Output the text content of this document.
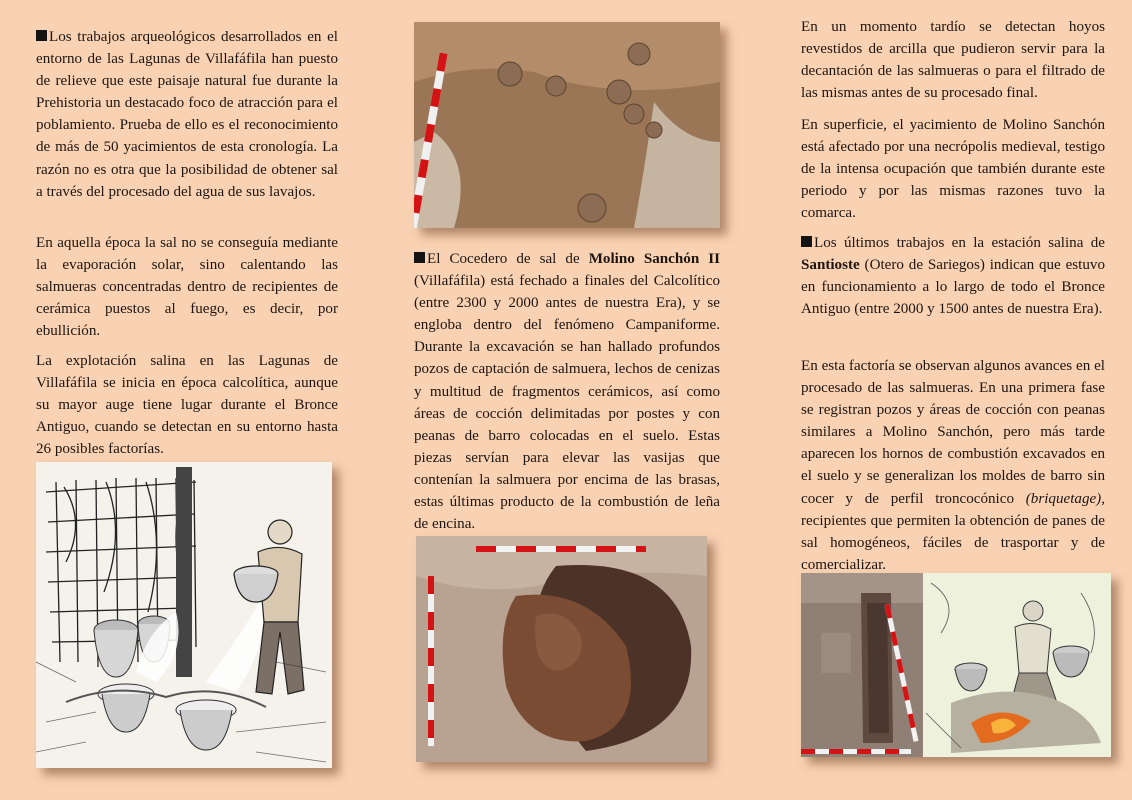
Los trabajos arqueológicos desarrollados en el entorno de las Lagunas de Villafáfila han puesto de relieve que este paisaje natural fue durante la Prehistoria un destacado foco de atracción para el poblamiento. Prueba de ello es el reconocimiento de más de 50 yacimientos de esta cronología. La razón no es otra que la posibilidad de obtener sal a través del procesado del agua de sus lavajos.

En aquella época la sal no se conseguía mediante la evaporación solar, sino calentando las salmueras concentradas dentro de recipientes de cerámica puestos al fuego, es decir, por ebullición.

La explotación salina en las Lagunas de Villafáfila se inicia en época calcolítica, aunque su mayor auge tiene lugar durante el Bronce Antiguo, cuando se detectan en su entorno hasta 26 posibles factorías.

El Cocedero de sal de Molino Sanchón II (Villafáfila) está fechado a finales del Calcolítico (entre 2300 y 2000 antes de nuestra Era), y se engloba dentro del fenómeno Campaniforme. Durante la excavación se han hallado profundos pozos de captación de salmuera, lechos de cenizas y multitud de fragmentos cerámicos, así como áreas de cocción delimitadas por postes y con peanas de barro colocadas en el suelo. Estas piezas servían para elevar las vasijas que contenían la salmuera por encima de las brasas, estas últimas producto de la combustión de leña de encina.

En un momento tardío se detectan hoyos revestidos de arcilla que pudieron servir para la decantación de las salmueras o para el filtrado de las mismas antes de su procesado final.

En superficie, el yacimiento de Molino Sanchón está afectado por una necrópolis medieval, testigo de la intensa ocupación que también durante este periodo y por las mismas razones tuvo la comarca.

Los últimos trabajos en la estación salina de Santioste (Otero de Sariegos) indican que estuvo en funcionamiento a lo largo de todo el Bronce Antiguo (entre 2000 y 1500 antes de nuestra Era).

En esta factoría se observan algunos avances en el procesado de las salmueras. En una primera fase se registran pozos y áreas de cocción con peanas similares a Molino Sanchón, pero más tarde aparecen los hornos de combustión excavados en el suelo y se generalizan los moldes de barro sin cocer y de perfil troncocónico (briquetage), recipientes que permiten la obtención de panes de sal homogéneos, fáciles de trasportar y de comercializar.
